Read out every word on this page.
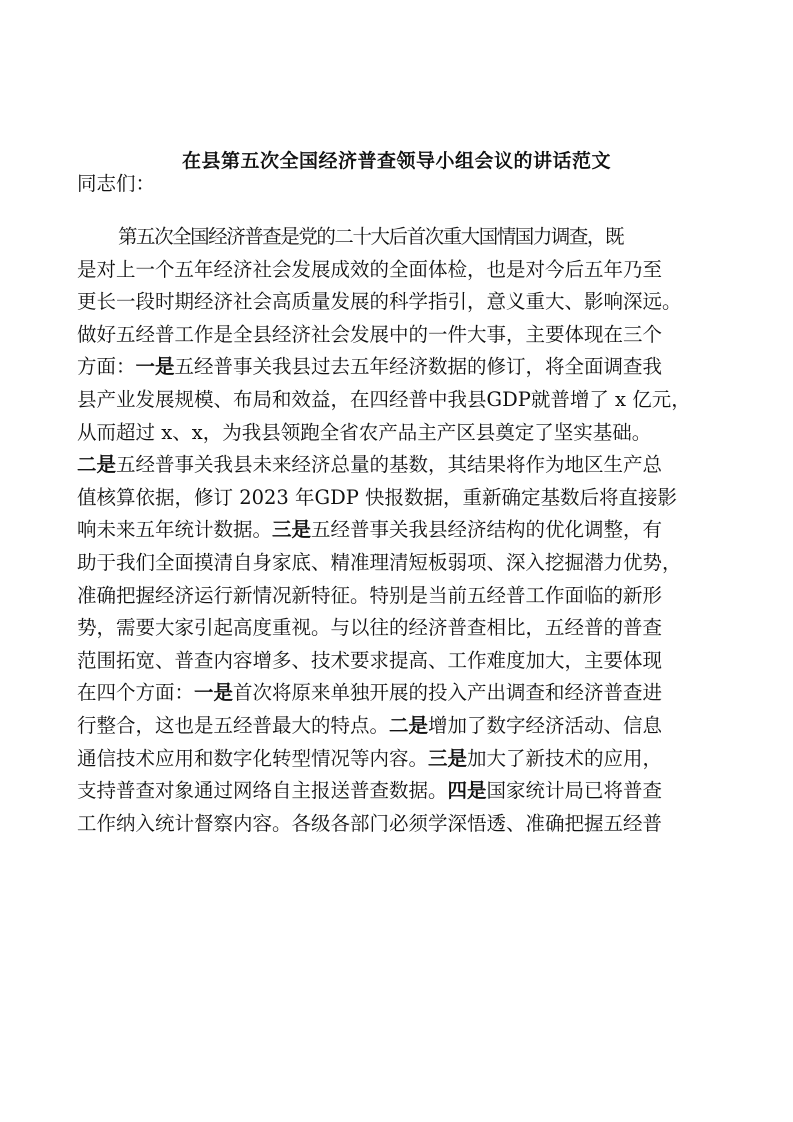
在县第五次全国经济普查领导小组会议的讲话范文
同志们：
第五次全国经济普查是党的二十大后首次重大国情国力调查，既
是对上一个五年经济社会发展成效的全面体检，也是对今后五年乃至
更长一段时期经济社会高质量发展的科学指引，意义重大、影响深远。
做好五经普工作是全县经济社会发展中的一件大事，主要体现在三个
方面：一是五经普事关我县过去五年经济数据的修订，将全面调查我
县产业发展规模、布局和效益，在四经普中我县GDP就普增了 x 亿元，
从而超过 x、x，为我县领跑全省农产品主产区县奠定了坚实基础。
二是五经普事关我县未来经济总量的基数，其结果将作为地区生产总
值核算依据，修订 2023 年GDP 快报数据，重新确定基数后将直接影
响未来五年统计数据。三是五经普事关我县经济结构的优化调整，有
助于我们全面摸清自身家底、精准理清短板弱项、深入挖掘潜力优势，
准确把握经济运行新情况新特征。特别是当前五经普工作面临的新形
势，需要大家引起高度重视。与以往的经济普查相比，五经普的普查
范围拓宽、普查内容增多、技术要求提高、工作难度加大，主要体现
在四个方面：一是首次将原来单独开展的投入产出调查和经济普查进
行整合，这也是五经普最大的特点。二是增加了数字经济活动、信息
通信技术应用和数字化转型情况等内容。三是加大了新技术的应用，
支持普查对象通过网络自主报送普查数据。四是国家统计局已将普查
工作纳入统计督察内容。各级各部门必须学深悟透、准确把握五经普
